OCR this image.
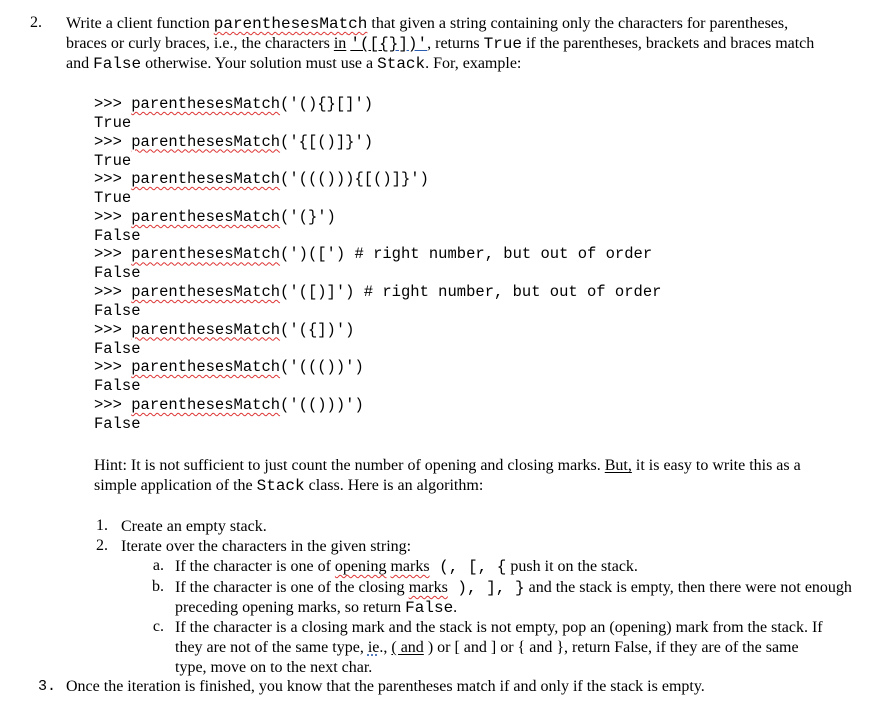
2. Write a client function parenthesesMatch that given a string containing only the characters for parentheses,
braces or curly braces, i.e., the characters in '([{}])', returns True if the parentheses, brackets and braces match
and False otherwise. Your solution must use a Stack. For, example:
>>> parenthesesMatch('(){}[]')
True
>>> parenthesesMatch('{[()]}')
True
>>> parenthesesMatch('((())){[()]}')
True
>>> parenthesesMatch('(}')
False
>>> parenthesesMatch(')([') # right number, but out of order
False
>>> parenthesesMatch('([)]') # right number, but out of order
False
>>> parenthesesMatch('({])')
False
>>> parenthesesMatch('((())')
False
>>> parenthesesMatch('(()))')
False
Hint: It is not sufficient to just count the number of opening and closing marks. But, it is easy to write this as a
simple application of the Stack class. Here is an algorithm:
1. Create an empty stack.
2. Iterate over the characters in the given string:
a. If the character is one of opening marks (, [, { push it on the stack.
b. If the character is one of the closing marks ), ], } and the stack is empty, then there were not enough
preceding opening marks, so return False.
c. If the character is a closing mark and the stack is not empty, pop an (opening) mark from the stack. If
they are not of the same type, ie., ( and ) or [ and ] or { and }, return False, if they are of the same
type, move on to the next char.
3. Once the iteration is finished, you know that the parentheses match if and only if the stack is empty.
